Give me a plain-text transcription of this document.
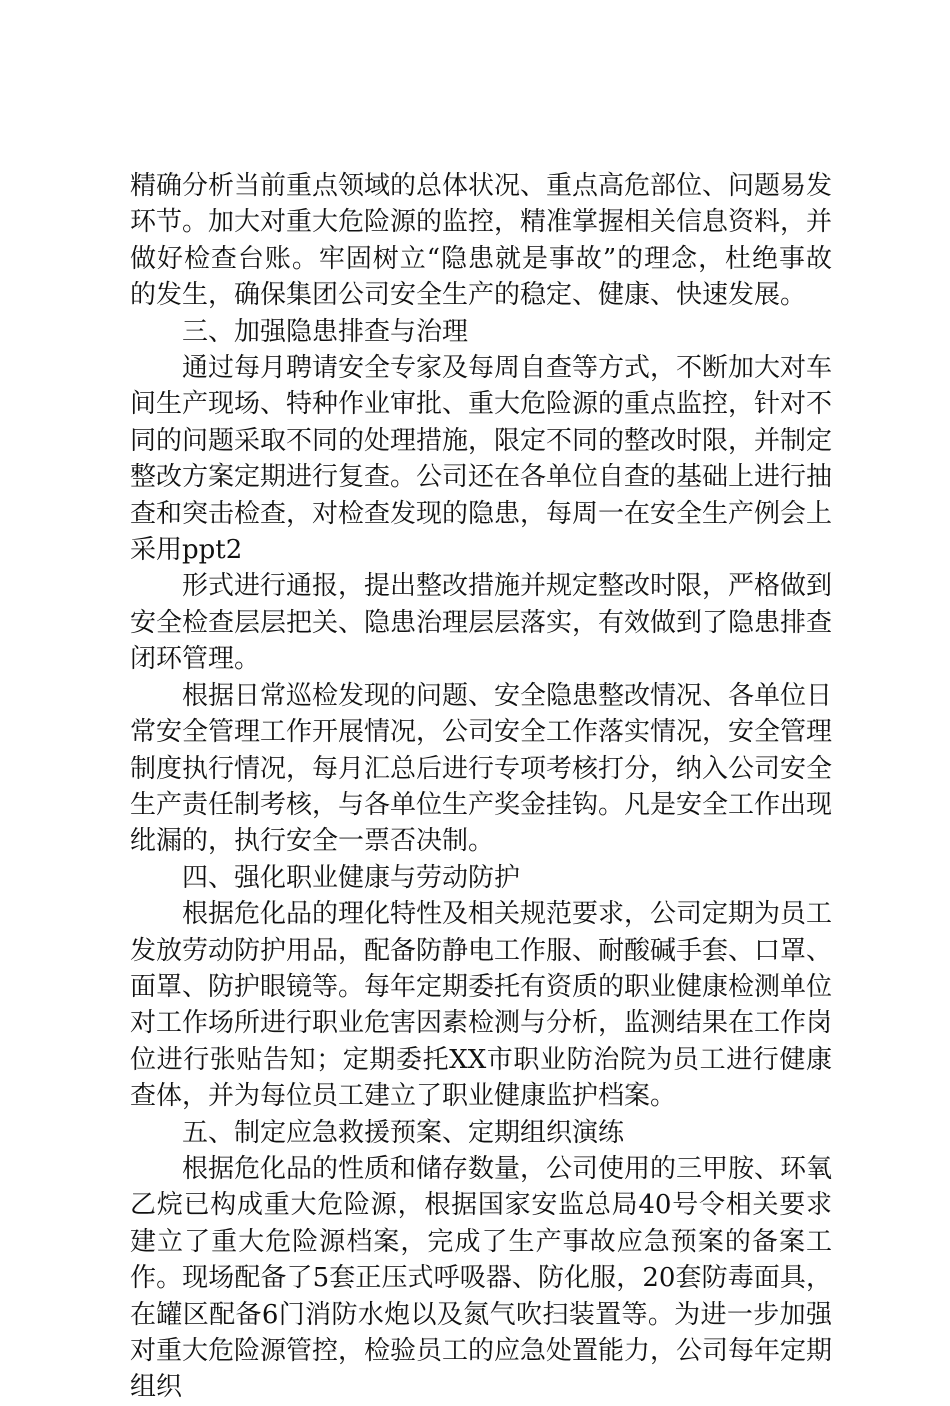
精确分析当前重点领域的总体状况、重点高危部位、问题易发环节。加大对重大危险源的监控，精准掌握相关信息资料，并做好检查台账。牢固树立“隐患就是事故”的理念，杜绝事故的发生，确保集团公司安全生产的稳定、健康、快速发展。

三、加强隐患排查与治理

通过每月聘请安全专家及每周自查等方式，不断加大对车间生产现场、特种作业审批、重大危险源的重点监控，针对不同的问题采取不同的处理措施，限定不同的整改时限，并制定整改方案定期进行复查。公司还在各单位自查的基础上进行抽查和突击检查，对检查发现的隐患，每周一在安全生产例会上采用ppt2

形式进行通报，提出整改措施并规定整改时限，严格做到安全检查层层把关、隐患治理层层落实，有效做到了隐患排查闭环管理。

根据日常巡检发现的问题、安全隐患整改情况、各单位日常安全管理工作开展情况，公司安全工作落实情况，安全管理制度执行情况，每月汇总后进行专项考核打分，纳入公司安全生产责任制考核，与各单位生产奖金挂钩。凡是安全工作出现纰漏的，执行安全一票否决制。

四、强化职业健康与劳动防护

根据危化品的理化特性及相关规范要求，公司定期为员工发放劳动防护用品，配备防静电工作服、耐酸碱手套、口罩、面罩、防护眼镜等。每年定期委托有资质的职业健康检测单位对工作场所进行职业危害因素检测与分析，监测结果在工作岗位进行张贴告知；定期委托XX市职业防治院为员工进行健康查体，并为每位员工建立了职业健康监护档案。

五、制定应急救援预案、定期组织演练

根据危化品的性质和储存数量，公司使用的三甲胺、环氧乙烷已构成重大危险源，根据国家安监总局40号令相关要求建立了重大危险源档案，完成了生产事故应急预案的备案工作。现场配备了5套正压式呼吸器、防化服，20套防毒面具，在罐区配备6门消防水炮以及氮气吹扫装置等。为进一步加强对重大危险源管控，检验员工的应急处置能力，公司每年定期组织
